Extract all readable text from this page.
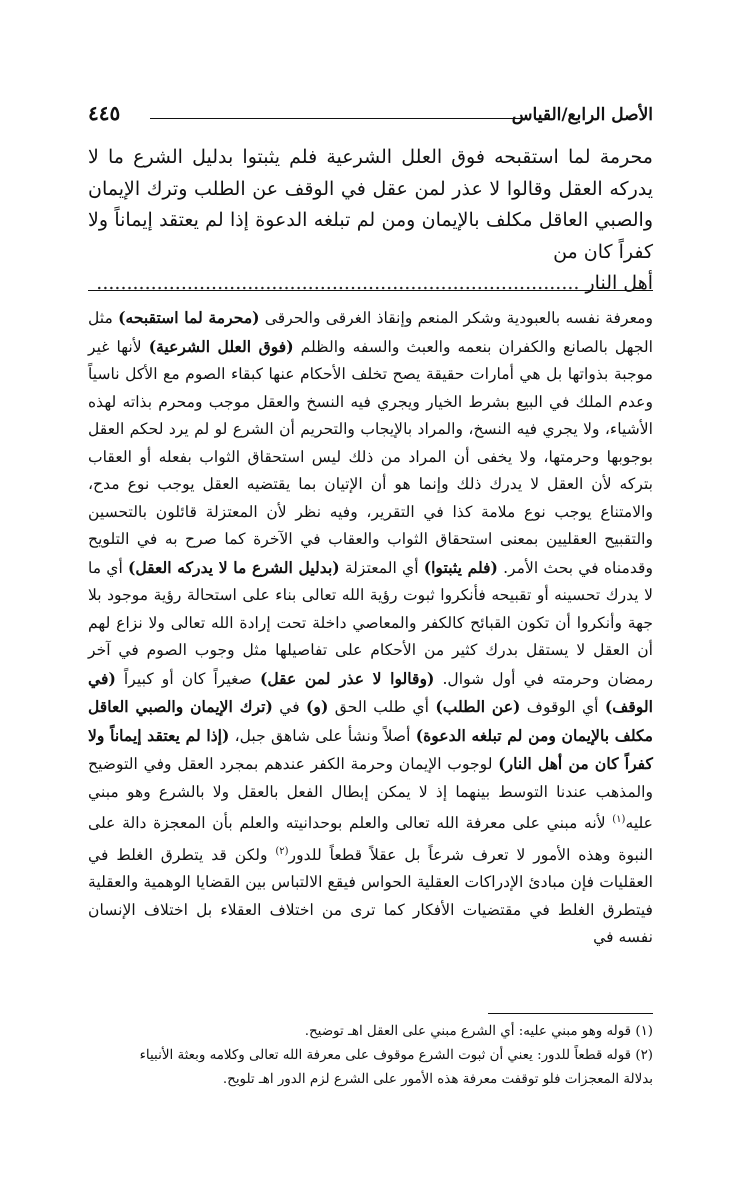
الأصل الرابع/القياس
٤٤٥
محرمة لما استقبحه فوق العلل الشرعية فلم يثبتوا بدليل الشرع ما لا يدركه العقل وقالوا لا عذر لمن عقل في الوقف عن الطلب وترك الإيمان والصبي العاقل مكلف بالإيمان ومن لم تبلغه الدعوة إذا لم يعتقد إيماناً ولا كفراً كان من
أهل النار ................................................................................
ومعرفة نفسه بالعبودية وشكر المنعم وإنقاذ الغرقى والحرقى (محرمة لما استقبحه) مثل الجهل بالصانع والكفران بنعمه والعبث والسفه والظلم (فوق العلل الشرعية) لأنها غير موجبة بذواتها بل هي أمارات حقيقة يصح تخلف الأحكام عنها كبقاء الصوم مع الأكل ناسياً وعدم الملك في البيع بشرط الخيار ويجري فيه النسخ والعقل موجب ومحرم بذاته لهذه الأشياء، ولا يجري فيه النسخ، والمراد بالإيجاب والتحريم أن الشرع لو لم يرد لحكم العقل بوجوبها وحرمتها، ولا يخفى أن المراد من ذلك ليس استحقاق الثواب بفعله أو العقاب بتركه لأن العقل لا يدرك ذلك وإنما هو أن الإتيان بما يقتضيه العقل يوجب نوع مدح، والامتناع يوجب نوع ملامة كذا في التقرير، وفيه نظر لأن المعتزلة قائلون بالتحسين والتقبيح العقليين بمعنى استحقاق الثواب والعقاب في الآخرة كما صرح به في التلويح وقدمناه في بحث الأمر. (فلم يثبتوا) أي المعتزلة (بدليل الشرع ما لا يدركه العقل) أي ما لا يدرك تحسينه أو تقبيحه فأنكروا ثبوت رؤية الله تعالى بناء على استحالة رؤية موجود بلا جهة وأنكروا أن تكون القبائح كالكفر والمعاصي داخلة تحت إرادة الله تعالى ولا نزاع لهم أن العقل لا يستقل بدرك كثير من الأحكام على تفاصيلها مثل وجوب الصوم في آخر رمضان وحرمته في أول شوال. (وقالوا لا عذر لمن عقل) صغيراً كان أو كبيراً (في الوقف) أي الوقوف (عن الطلب) أي طلب الحق (و) في (ترك الإيمان والصبي العاقل مكلف بالإيمان ومن لم تبلغه الدعوة) أصلاً ونشأ على شاهق جبل، (إذا لم يعتقد إيماناً ولا كفراً كان من أهل النار) لوجوب الإيمان وحرمة الكفر عندهم بمجرد العقل وفي التوضيح والمذهب عندنا التوسط بينهما إذ لا يمكن إبطال الفعل بالعقل ولا بالشرع وهو مبني عليه$^{(١)}$ لأنه مبني على معرفة الله تعالى والعلم بوحدانيته والعلم بأن المعجزة دالة على النبوة وهذه الأمور لا تعرف شرعاً بل عقلاً قطعاً للدور$^{(٢)}$ ولكن قد يتطرق الغلط في العقليات فإن مبادئ الإدراكات العقلية الحواس فيقع الالتباس بين القضايا الوهمية والعقلية فيتطرق الغلط في مقتضيات الأفكار كما ترى من اختلاف العقلاء بل اختلاف الإنسان نفسه في

(١) قوله وهو مبني عليه: أي الشرع مبني على العقل اهـ توضيح.

(٢) قوله قطعاً للدور: يعني أن ثبوت الشرع موقوف على معرفة الله تعالى وكلامه وبعثة الأنبياء

بدلالة المعجزات فلو توقفت معرفة هذه الأمور على الشرع لزم الدور اهـ تلويح.
